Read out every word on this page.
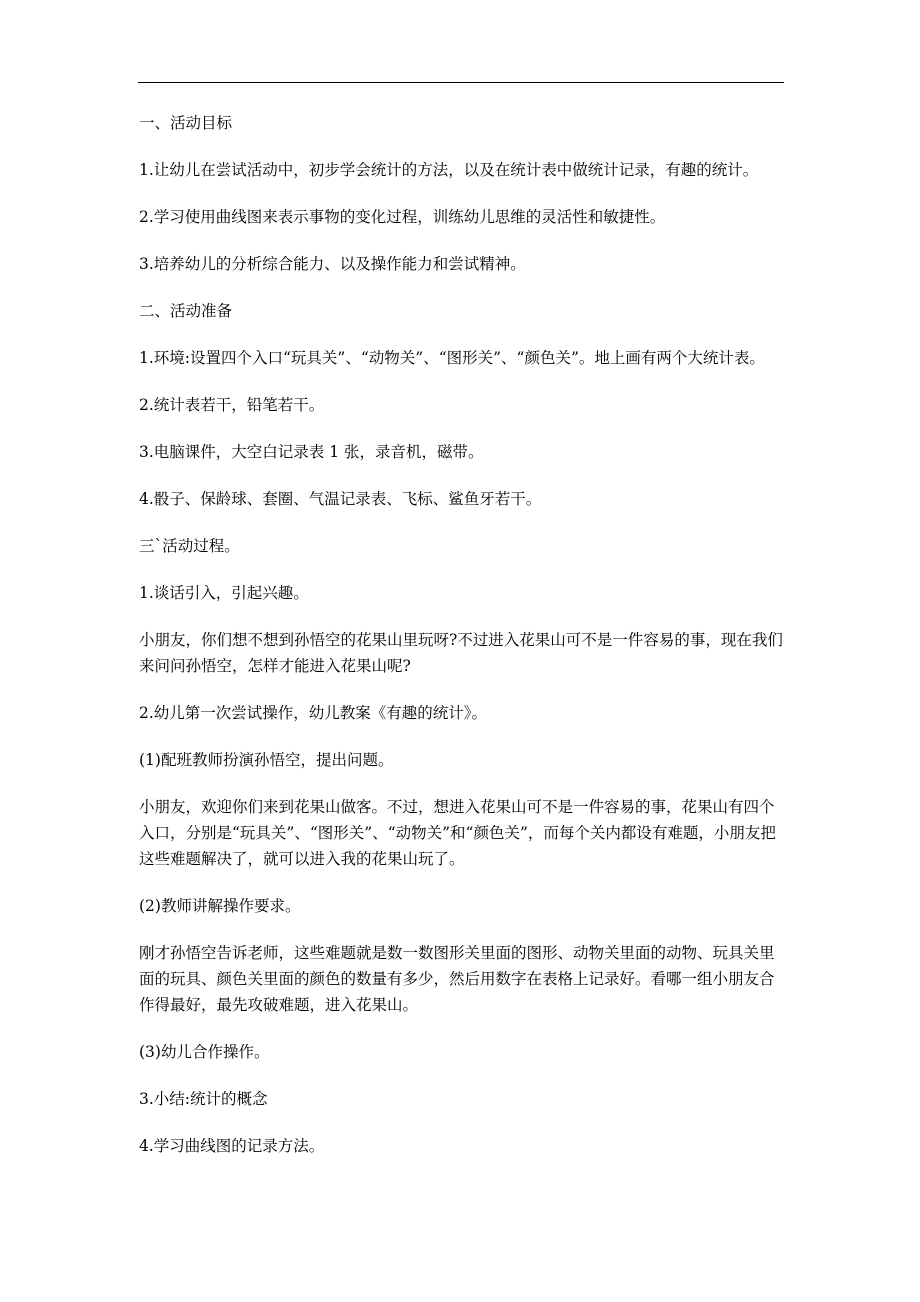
一、活动目标

1.让幼儿在尝试活动中，初步学会统计的方法，以及在统计表中做统计记录，有趣的统计。

2.学习使用曲线图来表示事物的变化过程，训练幼儿思维的灵活性和敏捷性。

3.培养幼儿的分析综合能力、以及操作能力和尝试精神。

二、活动准备

1.环境:设置四个入口“玩具关”、“动物关”、“图形关”、“颜色关”。地上画有两个大统计表。

2.统计表若干，铅笔若干。

3.电脑课件，大空白记录表 1 张，录音机，磁带。

4.骰子、保龄球、套圈、气温记录表、飞标、鲨鱼牙若干。

三`活动过程。

1.谈话引入，引起兴趣。

小朋友，你们想不想到孙悟空的花果山里玩呀?不过进入花果山可不是一件容易的事，现在我们来问问孙悟空，怎样才能进入花果山呢?

2.幼儿第一次尝试操作，幼儿教案《有趣的统计》。

(1)配班教师扮演孙悟空，提出问题。

小朋友，欢迎你们来到花果山做客。不过，想进入花果山可不是一件容易的事，花果山有四个入口，分别是“玩具关”、“图形关”、“动物关”和“颜色关”，而每个关内都设有难题，小朋友把这些难题解决了，就可以进入我的花果山玩了。

(2)教师讲解操作要求。

刚才孙悟空告诉老师，这些难题就是数一数图形关里面的图形、动物关里面的动物、玩具关里面的玩具、颜色关里面的颜色的数量有多少，然后用数字在表格上记录好。看哪一组小朋友合作得最好，最先攻破难题，进入花果山。

(3)幼儿合作操作。

3.小结:统计的概念

4.学习曲线图的记录方法。
